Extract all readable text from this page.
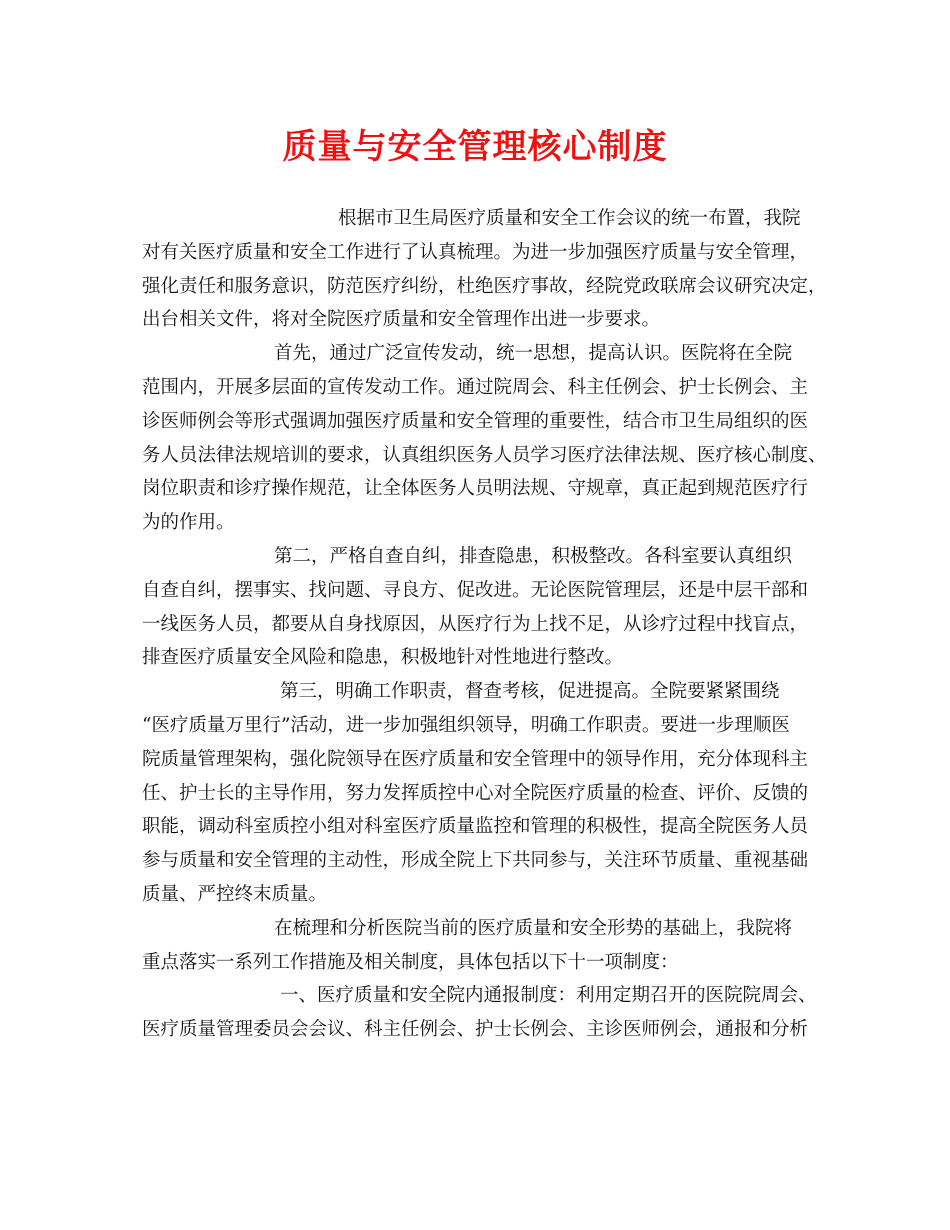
质量与安全管理核心制度

根据市卫生局医疗质量和安全工作会议的统一布置，我院
对有关医疗质量和安全工作进行了认真梳理。为进一步加强医疗质量与安全管理，
强化责任和服务意识，防范医疗纠纷，杜绝医疗事故，经院党政联席会议研究决定，
出台相关文件，将对全院医疗质量和安全管理作出进一步要求。

首先，通过广泛宣传发动，统一思想，提高认识。医院将在全院
范围内，开展多层面的宣传发动工作。通过院周会、科主任例会、护士长例会、主
诊医师例会等形式强调加强医疗质量和安全管理的重要性，结合市卫生局组织的医
务人员法律法规培训的要求，认真组织医务人员学习医疗法律法规、医疗核心制度、
岗位职责和诊疗操作规范，让全体医务人员明法规、守规章，真正起到规范医疗行
为的作用。

第二，严格自查自纠，排查隐患，积极整改。各科室要认真组织
自查自纠，摆事实、找问题、寻良方、促改进。无论医院管理层，还是中层干部和
一线医务人员，都要从自身找原因，从医疗行为上找不足，从诊疗过程中找盲点，
排查医疗质量安全风险和隐患，积极地针对性地进行整改。

第三，明确工作职责，督查考核，促进提高。全院要紧紧围绕
“医疗质量万里行”活动，进一步加强组织领导，明确工作职责。要进一步理顺医
院质量管理架构，强化院领导在医疗质量和安全管理中的领导作用，充分体现科主
任、护士长的主导作用，努力发挥质控中心对全院医疗质量的检查、评价、反馈的
职能，调动科室质控小组对科室医疗质量监控和管理的积极性，提高全院医务人员
参与质量和安全管理的主动性，形成全院上下共同参与，关注环节质量、重视基础
质量、严控终末质量。

在梳理和分析医院当前的医疗质量和安全形势的基础上，我院将
重点落实一系列工作措施及相关制度，具体包括以下十一项制度：

一、医疗质量和安全院内通报制度：利用定期召开的医院院周会、
医疗质量管理委员会会议、科主任例会、护士长例会、主诊医师例会，通报和分析
